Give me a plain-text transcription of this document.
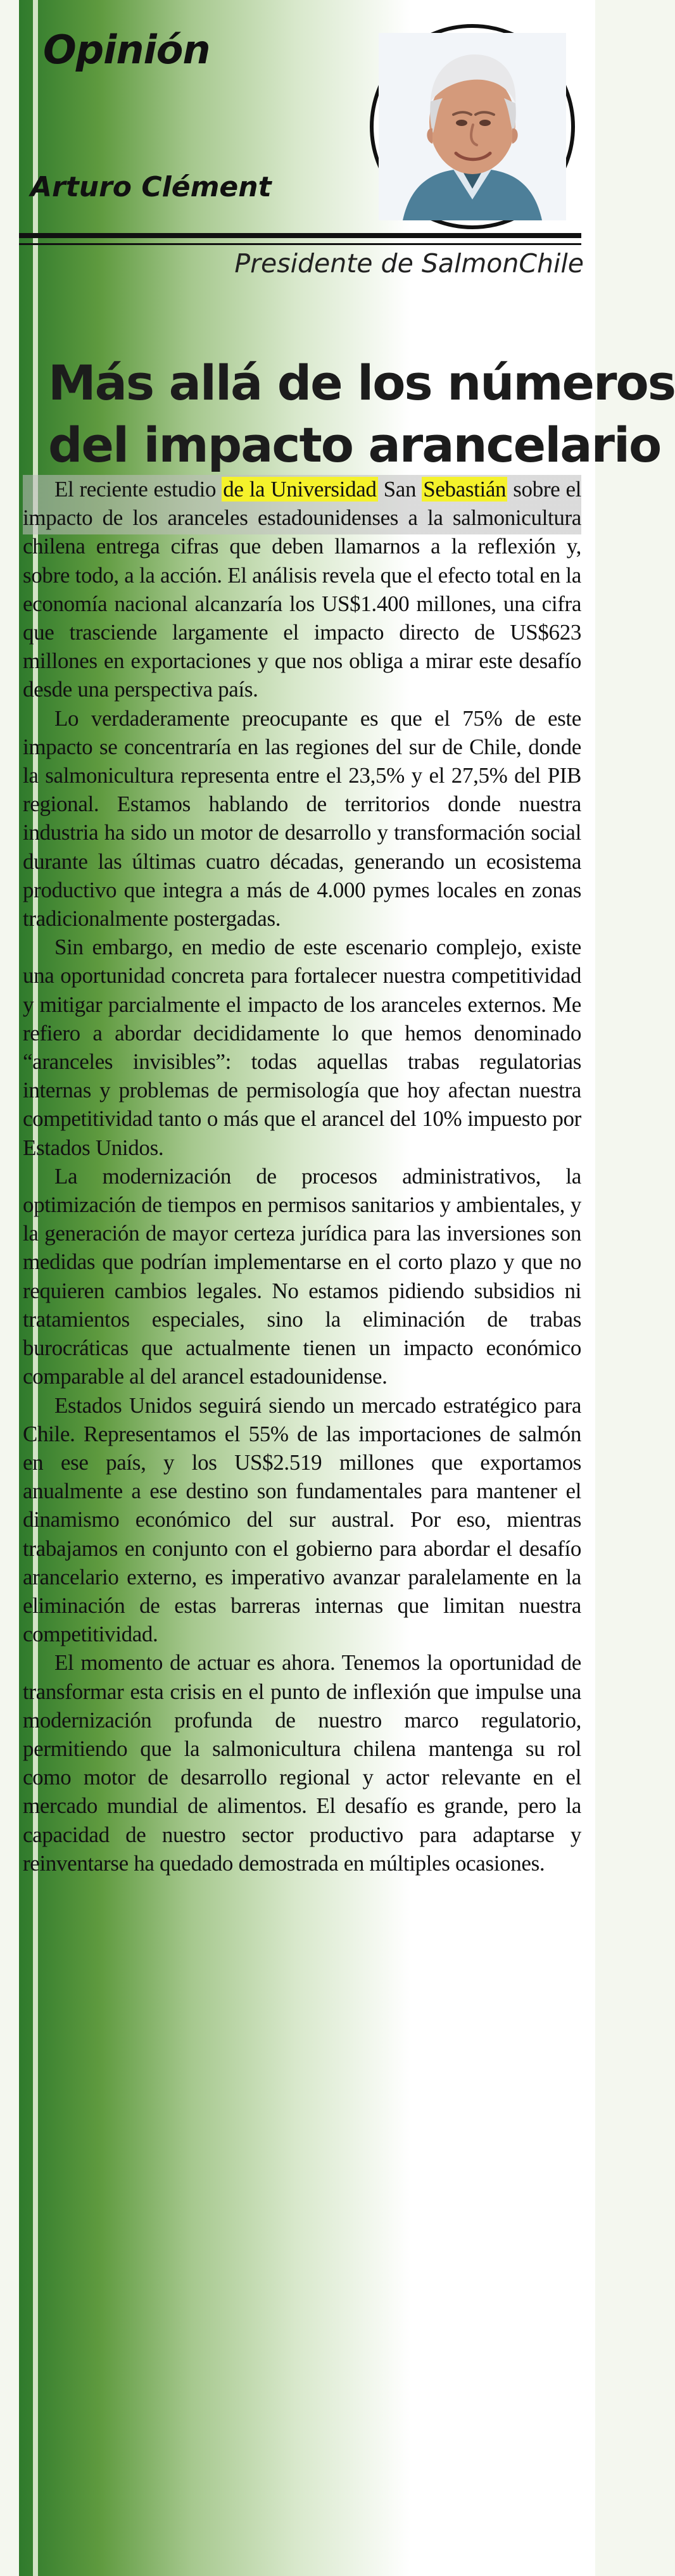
Opinión
Arturo Clément
Presidente de SalmonChile
Más allá de los números
del impacto arancelario

El reciente estudio de la Universidad San Sebastián sobre el impacto de los aranceles estadounidenses a la salmonicultura chilena entrega cifras que deben llamarnos a la reflexión y, sobre todo, a la acción. El análisis revela que el efecto total en la economía nacional alcanzaría los US$1.400 millones, una cifra que trasciende largamente el impacto directo de US$623 millones en exportaciones y que nos obliga a mirar este desafío desde una perspectiva país.

Lo verdaderamente preocupante es que el 75% de este impacto se concentraría en las regiones del sur de Chile, donde la salmonicultura representa entre el 23,5% y el 27,5% del PIB regional. Estamos hablando de territorios donde nuestra industria ha sido un motor de desarrollo y transformación social durante las últimas cuatro décadas, generando un ecosistema productivo que integra a más de 4.000 pymes locales en zonas tradicionalmente postergadas.

Sin embargo, en medio de este escenario complejo, existe una oportunidad concreta para fortalecer nuestra competitividad y mitigar parcialmente el impacto de los aranceles externos. Me refiero a abordar decididamente lo que hemos denominado “aranceles invisibles”: todas aquellas trabas regulatorias internas y problemas de permisología que hoy afectan nuestra competitividad tanto o más que el arancel del 10% impuesto por Estados Unidos.

La modernización de procesos administrativos, la optimización de tiempos en permisos sanitarios y ambientales, y la generación de mayor certeza jurídica para las inversiones son medidas que podrían implementarse en el corto plazo y que no requieren cambios legales. No estamos pidiendo subsidios ni tratamientos especiales, sino la eliminación de trabas burocráticas que actualmente tienen un impacto económico comparable al del arancel estadounidense.

Estados Unidos seguirá siendo un mercado estratégico para Chile. Representamos el 55% de las importaciones de salmón en ese país, y los US$2.519 millones que exportamos anualmente a ese destino son fundamentales para mantener el dinamismo económico del sur austral. Por eso, mientras trabajamos en conjunto con el gobierno para abordar el desafío arancelario externo, es imperativo avanzar paralelamente en la eliminación de estas barreras internas que limitan nuestra competitividad.

El momento de actuar es ahora. Tenemos la oportunidad de transformar esta crisis en el punto de inflexión que impulse una modernización profunda de nuestro marco regulatorio, permitiendo que la salmonicultura chilena mantenga su rol como motor de desarrollo regional y actor relevante en el mercado mundial de alimentos. El desafío es grande, pero la capacidad de nuestro sector productivo para adaptarse y reinventarse ha quedado demostrada en múltiples ocasiones.
